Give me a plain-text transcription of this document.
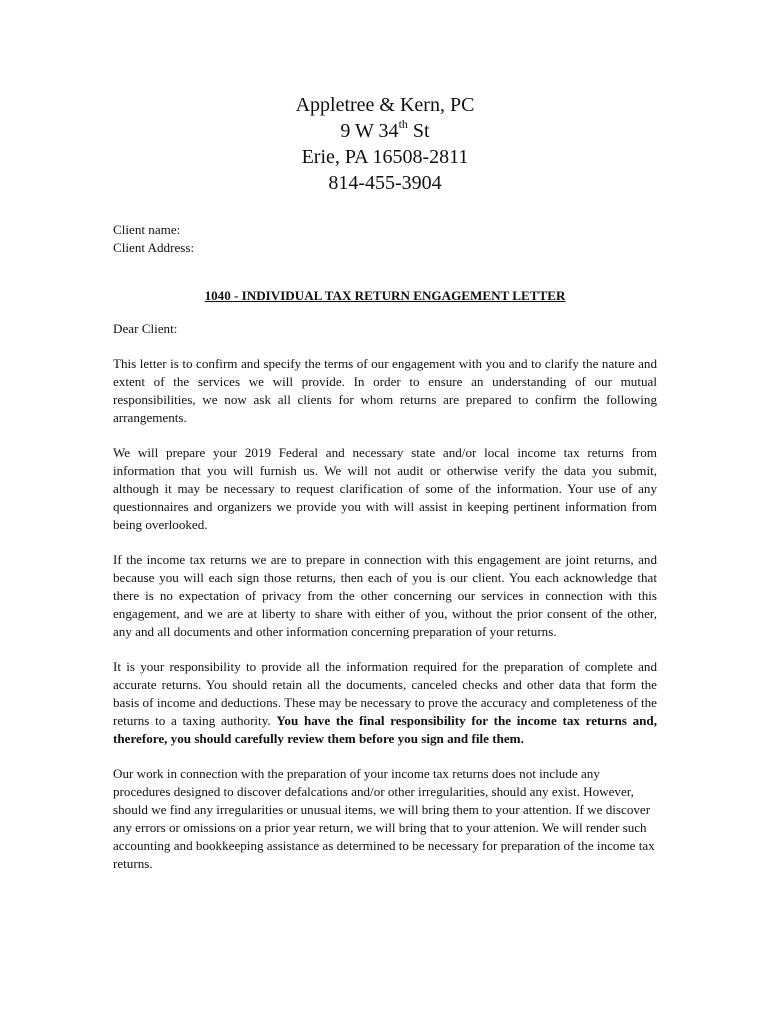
Appletree & Kern, PC
9 W 34th St
Erie, PA 16508-2811
814-455-3904
Client name:
Client Address:
1040 - INDIVIDUAL TAX RETURN ENGAGEMENT LETTER
Dear Client:

This letter is to confirm and specify the terms of our engagement with you and to clarify the nature and extent of the services we will provide. In order to ensure an understanding of our mutual responsibilities, we now ask all clients for whom returns are prepared to confirm the following arrangements.

We will prepare your 2019 Federal and necessary state and/or local income tax returns from information that you will furnish us. We will not audit or otherwise verify the data you submit, although it may be necessary to request clarification of some of the information. Your use of any questionnaires and organizers we provide you with will assist in keeping pertinent information from being overlooked.

If the income tax returns we are to prepare in connection with this engagement are joint returns, and because you will each sign those returns, then each of you is our client. You each acknowledge that there is no expectation of privacy from the other concerning our services in connection with this engagement, and we are at liberty to share with either of you, without the prior consent of the other, any and all documents and other information concerning preparation of your returns.

It is your responsibility to provide all the information required for the preparation of complete and accurate returns. You should retain all the documents, canceled checks and other data that form the basis of income and deductions. These may be necessary to prove the accuracy and completeness of the returns to a taxing authority. You have the final responsibility for the income tax returns and, therefore, you should carefully review them before you sign and file them.

Our work in connection with the preparation of your income tax returns does not include any procedures designed to discover defalcations and/or other irregularities, should any exist. However, should we find any irregularities or unusual items, we will bring them to your attention. If we discover any errors or omissions on a prior year return, we will bring that to your attenion. We will render such accounting and bookkeeping assistance as determined to be necessary for preparation of the income tax returns.
